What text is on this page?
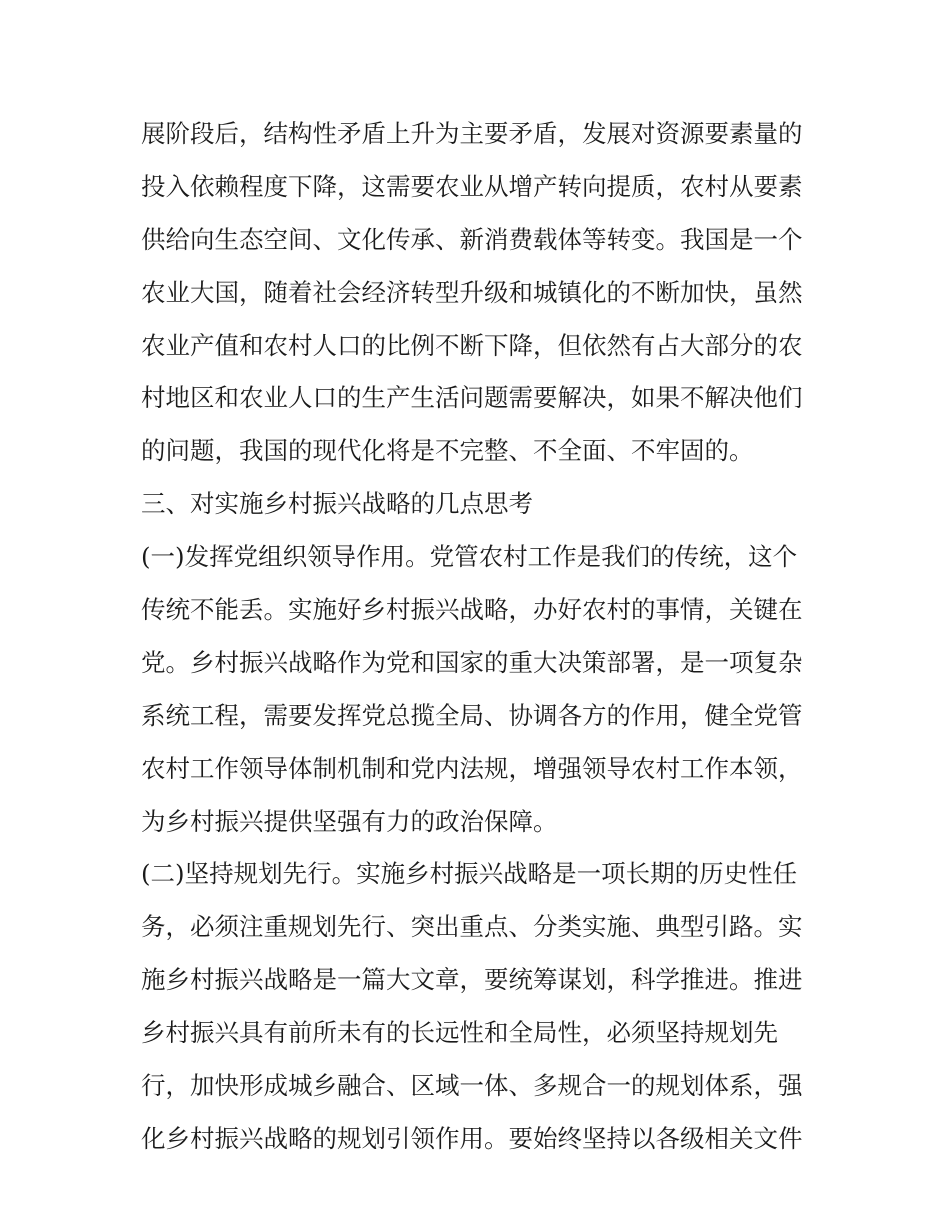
展阶段后，结构性矛盾上升为主要矛盾，发展对资源要素量的
投入依赖程度下降，这需要农业从增产转向提质，农村从要素
供给向生态空间、文化传承、新消费载体等转变。我国是一个
农业大国，随着社会经济转型升级和城镇化的不断加快，虽然
农业产值和农村人口的比例不断下降，但依然有占大部分的农
村地区和农业人口的生产生活问题需要解决，如果不解决他们
的问题，我国的现代化将是不完整、不全面、不牢固的。
三、对实施乡村振兴战略的几点思考
(一)发挥党组织领导作用。党管农村工作是我们的传统，这个
传统不能丢。实施好乡村振兴战略，办好农村的事情，关键在
党。乡村振兴战略作为党和国家的重大决策部署，是一项复杂
系统工程，需要发挥党总揽全局、协调各方的作用，健全党管
农村工作领导体制机制和党内法规，增强领导农村工作本领，
为乡村振兴提供坚强有力的政治保障。
(二)坚持规划先行。实施乡村振兴战略是一项长期的历史性任
务，必须注重规划先行、突出重点、分类实施、典型引路。实
施乡村振兴战略是一篇大文章，要统筹谋划，科学推进。推进
乡村振兴具有前所未有的长远性和全局性，必须坚持规划先
行，加快形成城乡融合、区域一体、多规合一的规划体系，强
化乡村振兴战略的规划引领作用。要始终坚持以各级相关文件
